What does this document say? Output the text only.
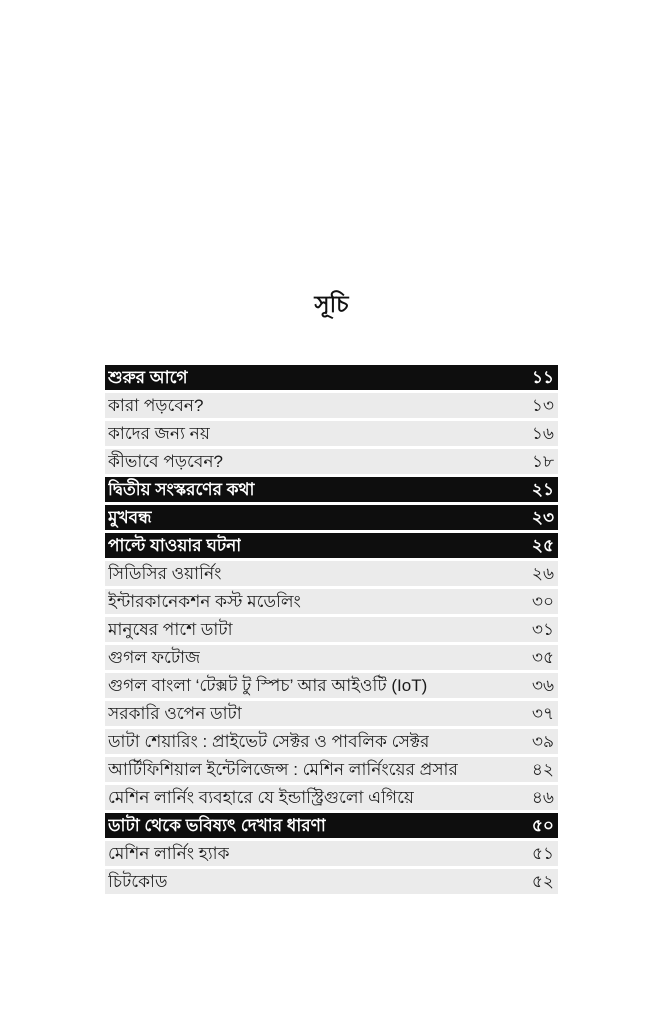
সূচি
শুরুর আগে	১১
কারা পড়বেন?	১৩
কাদের জন্য নয়	১৬
কীভাবে পড়বেন?	১৮
দ্বিতীয় সংস্করণের কথা	২১
মুখবন্ধ	২৩
পাল্টে যাওয়ার ঘটনা	২৫
সিডিসির ওয়ার্নিং	২৬
ইন্টারকানেকশন কস্ট মডেলিং	৩০
মানুষের পাশে ডাটা	৩১
গুগল ফটোজ	৩৫
গুগল বাংলা ‘টেক্সট টু স্পিচ’ আর আইওটি (IoT)	৩৬
সরকারি ওপেন ডাটা	৩৭
ডাটা শেয়ারিং : প্রাইভেট সেক্টর ও পাবলিক সেক্টর	৩৯
আর্টিফিশিয়াল ইন্টেলিজেন্স : মেশিন লার্নিংয়ের প্রসার	৪২
মেশিন লার্নিং ব্যবহারে যে ইন্ডাস্ট্রিগুলো এগিয়ে	৪৬
ডাটা থেকে ভবিষ্যৎ দেখার ধারণা	৫০
মেশিন লার্নিং হ্যাক	৫১
চিটকোড	৫২
